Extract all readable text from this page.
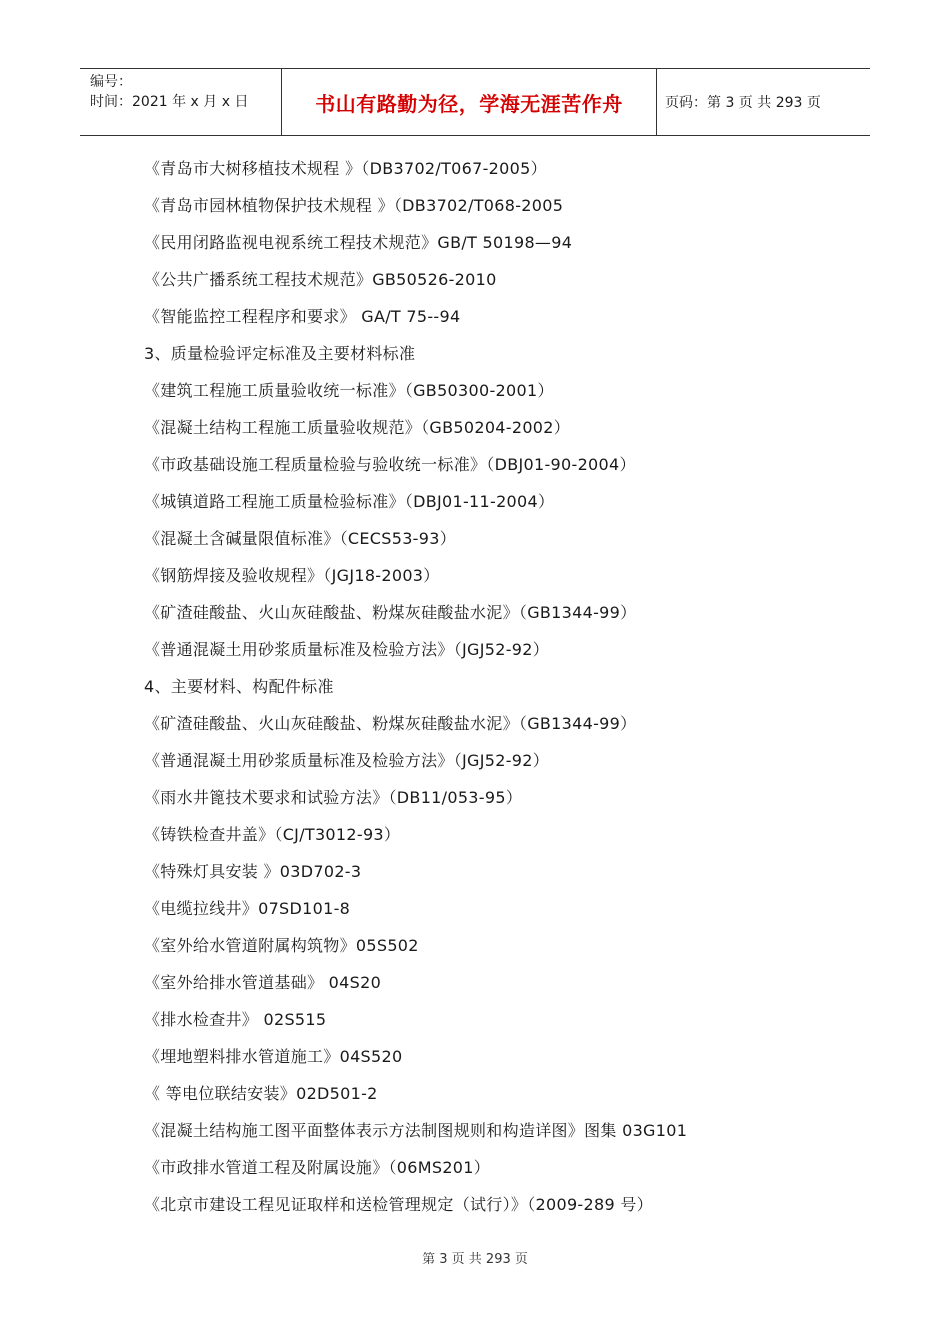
编号：
时间：2021 年 x 月 x 日	书山有路勤为径，学海无涯苦作舟	页码：第 3 页 共 293 页
《青岛市大树移植技术规程 》（DB3702/T067-2005）
《青岛市园林植物保护技术规程 》（DB3702/T068-2005
《民用闭路监视电视系统工程技术规范》GB/T 50198—94
《公共广播系统工程技术规范》GB50526-2010
《智能监控工程程序和要求》 GA/T 75--94
3、质量检验评定标准及主要材料标准
《建筑工程施工质量验收统一标准》（GB50300-2001）
《混凝土结构工程施工质量验收规范》（GB50204-2002）
《市政基础设施工程质量检验与验收统一标准》（DBJ01-90-2004）
《城镇道路工程施工质量检验标准》（DBJ01-11-2004）
《混凝土含碱量限值标准》（CECS53-93）
《钢筋焊接及验收规程》（JGJ18-2003）
《矿渣硅酸盐、火山灰硅酸盐、粉煤灰硅酸盐水泥》（GB1344-99）
《普通混凝土用砂浆质量标准及检验方法》（JGJ52-92）
4、主要材料、构配件标准
《矿渣硅酸盐、火山灰硅酸盐、粉煤灰硅酸盐水泥》（GB1344-99）
《普通混凝土用砂浆质量标准及检验方法》（JGJ52-92）
《雨水井篦技术要求和试验方法》（DB11/053-95）
《铸铁检查井盖》（CJ/T3012-93）
《特殊灯具安装 》03D702-3
《电缆拉线井》07SD101-8
《室外给水管道附属构筑物》05S502
《室外给排水管道基础》 04S20
《排水检查井》 02S515
《埋地塑料排水管道施工》04S520
《 等电位联结安装》02D501-2
《混凝土结构施工图平面整体表示方法制图规则和构造详图》图集 03G101
《市政排水管道工程及附属设施》（06MS201）
《北京市建设工程见证取样和送检管理规定（试行）》（2009-289 号）
第 3 页 共 293 页
